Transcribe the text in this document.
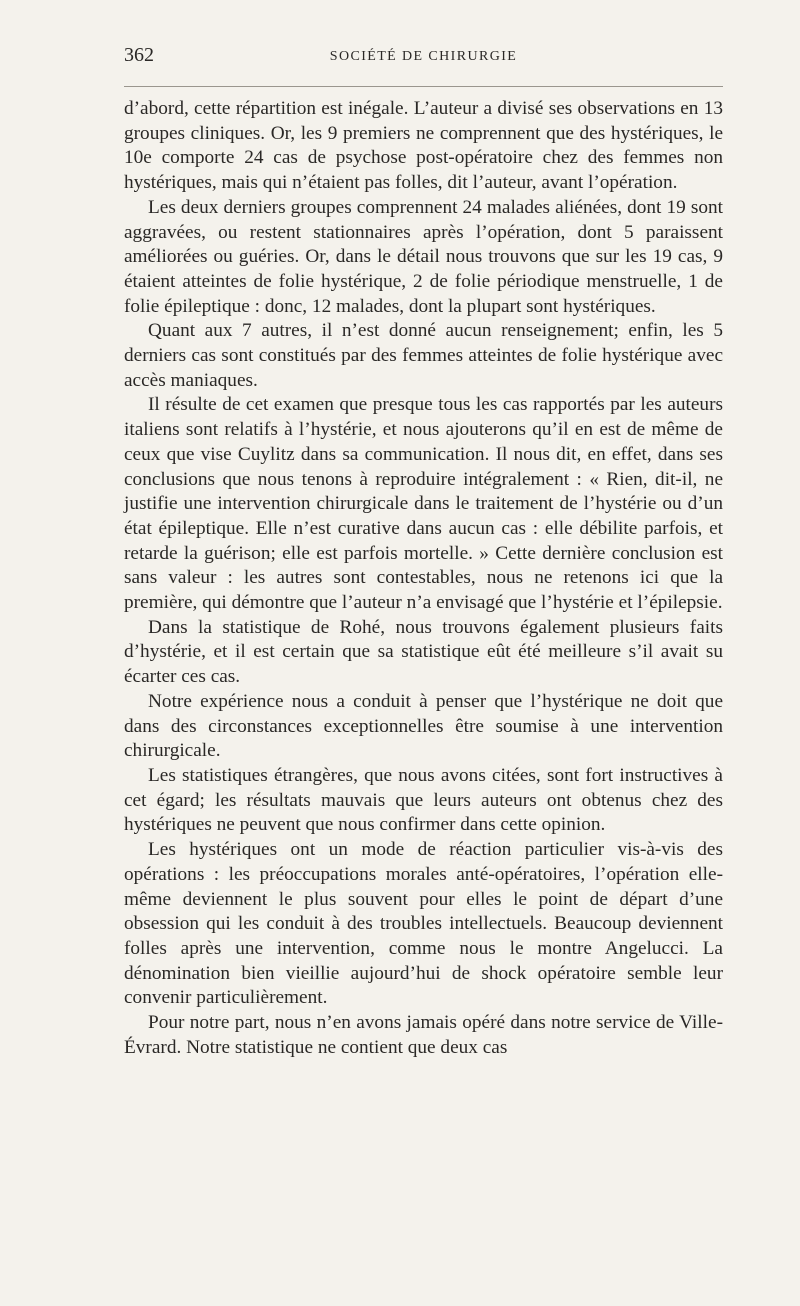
362	SOCIÉTÉ DE CHIRURGIE

d’abord, cette répartition est inégale. L’auteur a divisé ses observations en 13 groupes cliniques. Or, les 9 premiers ne comprennent que des hystériques, le 10e comporte 24 cas de psychose post-opératoire chez des femmes non hystériques, mais qui n’étaient pas folles, dit l’auteur, avant l’opération.

Les deux derniers groupes comprennent 24 malades aliénées, dont 19 sont aggravées, ou restent stationnaires après l’opération, dont 5 paraissent améliorées ou guéries. Or, dans le détail nous trouvons que sur les 19 cas, 9 étaient atteintes de folie hystérique, 2 de folie périodique menstruelle, 1 de folie épileptique : donc, 12 malades, dont la plupart sont hystériques.

Quant aux 7 autres, il n’est donné aucun renseignement; enfin, les 5 derniers cas sont constitués par des femmes atteintes de folie hystérique avec accès maniaques.

Il résulte de cet examen que presque tous les cas rapportés par les auteurs italiens sont relatifs à l’hystérie, et nous ajouterons qu’il en est de même de ceux que vise Cuylitz dans sa communication. Il nous dit, en effet, dans ses conclusions que nous tenons à reproduire intégralement : « Rien, dit-il, ne justifie une intervention chirurgicale dans le traitement de l’hystérie ou d’un état épileptique. Elle n’est curative dans aucun cas : elle débilite parfois, et retarde la guérison; elle est parfois mortelle. » Cette dernière conclusion est sans valeur : les autres sont contestables, nous ne retenons ici que la première, qui démontre que l’auteur n’a envisagé que l’hystérie et l’épilepsie.

Dans la statistique de Rohé, nous trouvons également plusieurs faits d’hystérie, et il est certain que sa statistique eût été meilleure s’il avait su écarter ces cas.

Notre expérience nous a conduit à penser que l’hystérique ne doit que dans des circonstances exceptionnelles être soumise à une intervention chirurgicale.

Les statistiques étrangères, que nous avons citées, sont fort instructives à cet égard; les résultats mauvais que leurs auteurs ont obtenus chez des hystériques ne peuvent que nous confirmer dans cette opinion.

Les hystériques ont un mode de réaction particulier vis-à-vis des opérations : les préoccupations morales anté-opératoires, l’opération elle-même deviennent le plus souvent pour elles le point de départ d’une obsession qui les conduit à des troubles intellectuels. Beaucoup deviennent folles après une intervention, comme nous le montre Angelucci. La dénomination bien vieillie aujourd’hui de shock opératoire semble leur convenir particulièrement.

Pour notre part, nous n’en avons jamais opéré dans notre service de Ville-Évrard. Notre statistique ne contient que deux cas
